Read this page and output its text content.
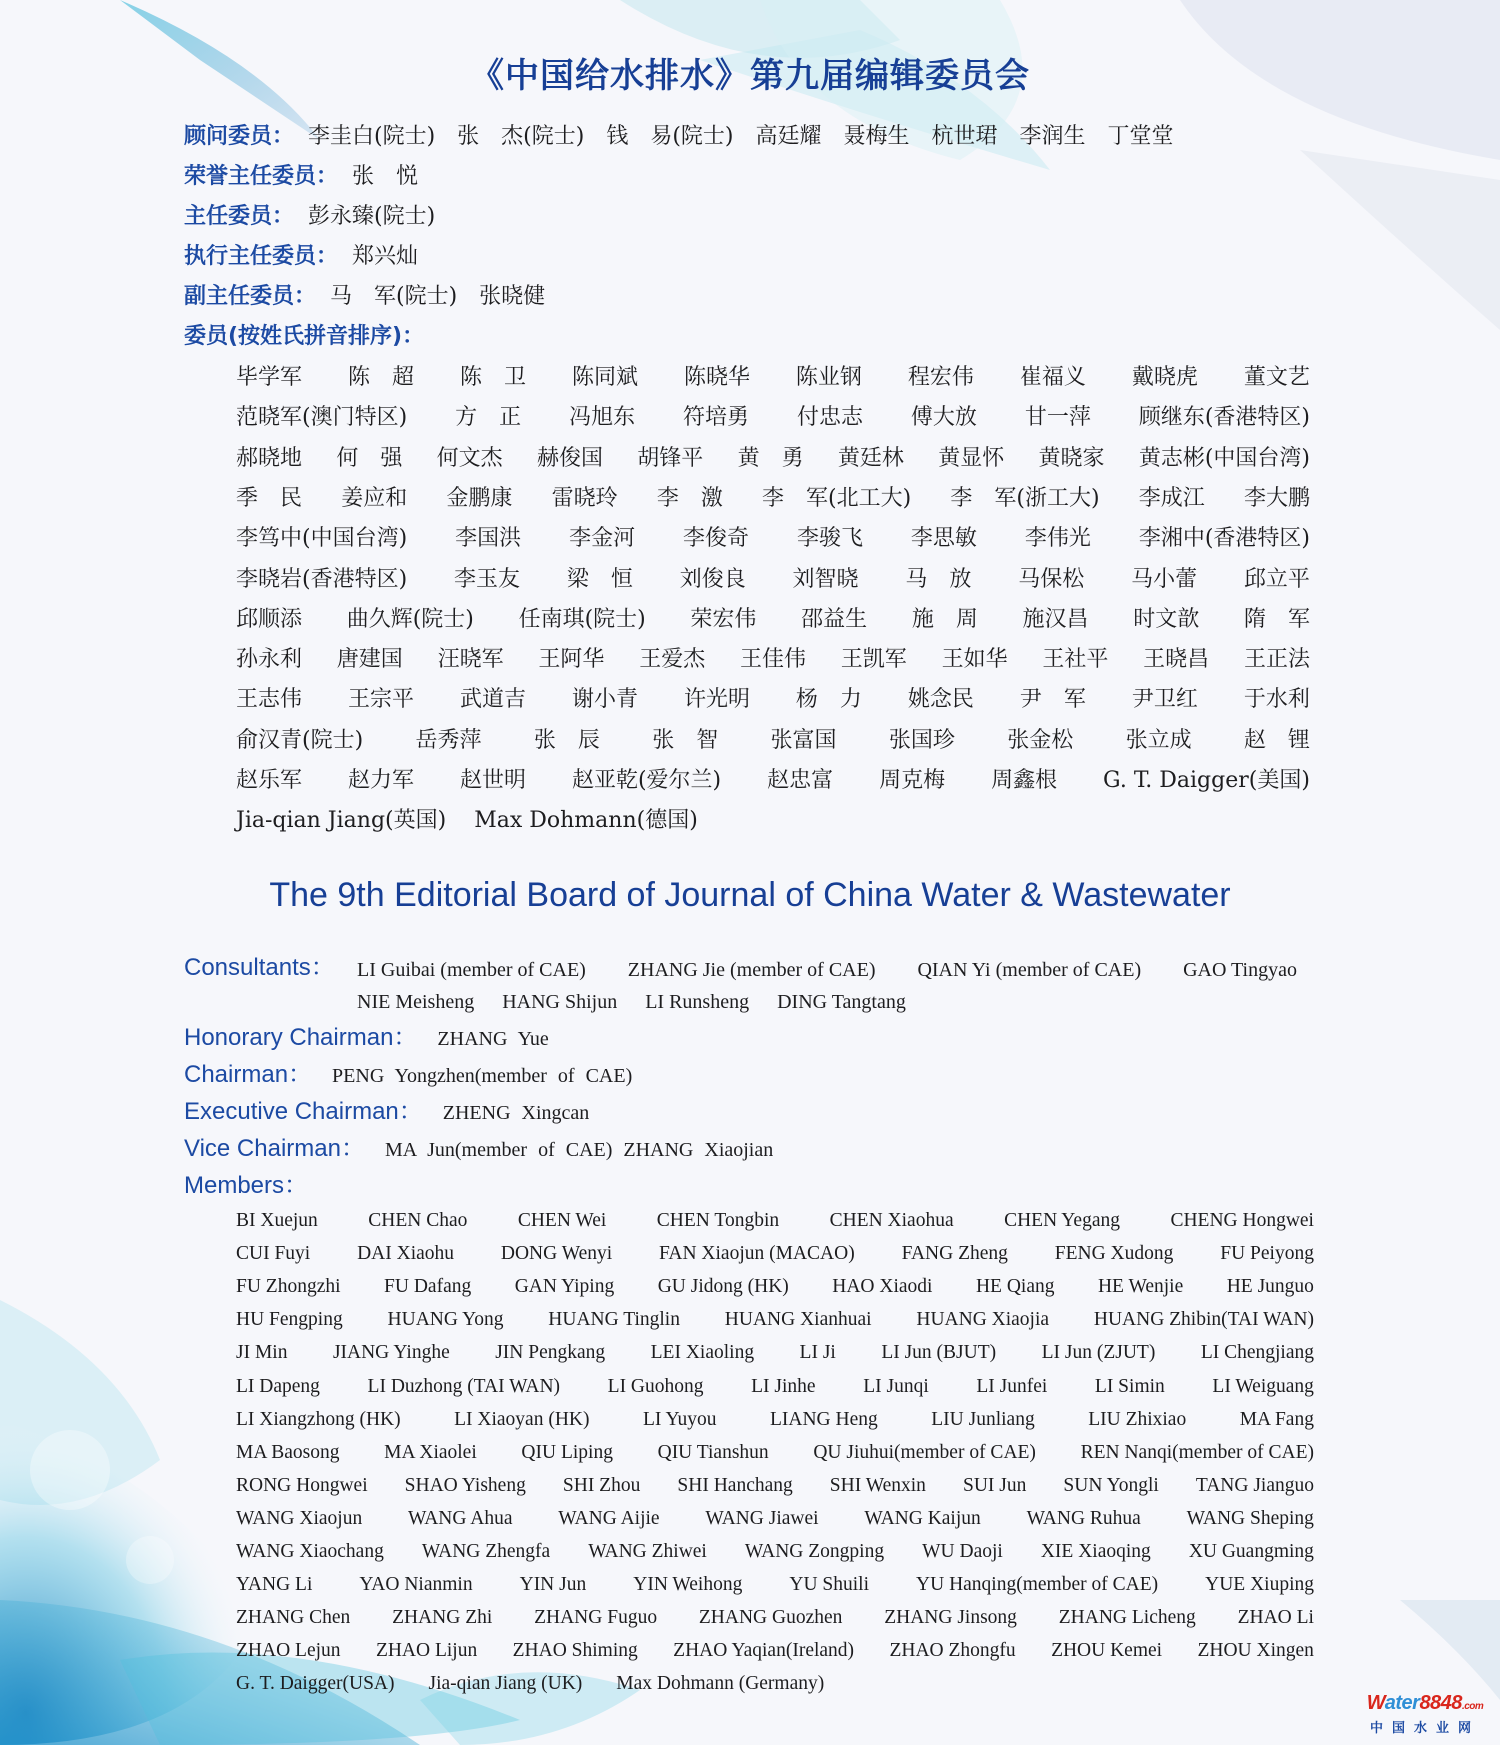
《中国给水排水》第九届编辑委员会
顾问委员： 李圭白(院士)　张　杰(院士)　钱　易(院士)　高廷耀　聂梅生　杭世珺　李润生　丁堂堂
荣誉主任委员： 张　悦
主任委员： 彭永臻(院士)
执行主任委员： 郑兴灿
副主任委员： 马　军(院士)　张晓健
委员(按姓氏拼音排序)：
毕学军 陈　超 陈　卫 陈同斌 陈晓华 陈业钢 程宏伟 崔福义 戴晓虎 董文艺
范晓军(澳门特区) 方　正 冯旭东 符培勇 付忠志 傅大放 甘一萍 顾继东(香港特区)
郝晓地 何　强 何文杰 赫俊国 胡锋平 黄　勇 黄廷林 黄显怀 黄晓家 黄志彬(中国台湾)
季　民 姜应和 金鹏康 雷晓玲 李　激 李　军(北工大) 李　军(浙工大) 李成江 李大鹏
李笃中(中国台湾) 李国洪 李金河 李俊奇 李骏飞 李思敏 李伟光 李湘中(香港特区)
李晓岩(香港特区) 李玉友 梁　恒 刘俊良 刘智晓 马　放 马保松 马小蕾 邱立平
邱顺添 曲久辉(院士) 任南琪(院士) 荣宏伟 邵益生 施　周 施汉昌 时文歆 隋　军
孙永利 唐建国 汪晓军 王阿华 王爱杰 王佳伟 王凯军 王如华 王社平 王晓昌 王正法
王志伟 王宗平 武道吉 谢小青 许光明 杨　力 姚念民 尹　军 尹卫红 于水利
俞汉青(院士) 岳秀萍 张　辰 张　智 张富国 张国珍 张金松 张立成 赵　锂
赵乐军 赵力军 赵世明 赵亚乾(爱尔兰) 赵忠富 周克梅 周鑫根 G. T. Daigger(美国)
Jia-qian Jiang(英国) Max Dohmann(德国)
The 9th Editorial Board of Journal of China Water & Wastewater
Consultants：	LI Guibai (member of CAE) ZHANG Jie (member of CAE) QIAN Yi (member of CAE) GAO Tingyao
NIE Meisheng HANG Shijun LI Runsheng DING Tangtang
Honorary Chairman： ZHANG Yue
Chairman： PENG Yongzhen(member of CAE)
Executive Chairman： ZHENG Xingcan
Vice Chairman： MA Jun(member of CAE) ZHANG Xiaojian
Members：
BI Xuejun	CHEN Chao	CHEN Wei	CHEN Tongbin	CHEN Xiaohua	CHEN Yegang	CHENG Hongwei
CUI Fuyi DAI Xiaohu DONG Wenyi FAN Xiaojun (MACAO) FANG Zheng FENG Xudong FU Peiyong
FU Zhongzhi FU Dafang GAN Yiping GU Jidong (HK) HAO Xiaodi HE Qiang HE Wenjie HE Junguo
HU Fengping HUANG Yong HUANG Tinglin HUANG Xianhuai HUANG Xiaojia HUANG Zhibin(TAI WAN)
JI Min JIANG Yinghe JIN Pengkang LEI Xiaoling LI Ji LI Jun (BJUT) LI Jun (ZJUT) LI Chengjiang
LI Dapeng LI Duzhong (TAI WAN) LI Guohong LI Jinhe LI Junqi LI Junfei LI Simin LI Weiguang
LI Xiangzhong (HK)	LI Xiaoyan (HK)	LI Yuyou	LIANG Heng	LIU Junliang	LIU Zhixiao	MA Fang
MA Baosong MA Xiaolei QIU Liping QIU Tianshun QU Jiuhui(member of CAE) REN Nanqi(member of CAE)
RONG Hongwei SHAO Yisheng SHI Zhou SHI Hanchang SHI Wenxin SUI Jun SUN Yongli TANG Jianguo
WANG Xiaojun WANG Ahua WANG Aijie WANG Jiawei WANG Kaijun WANG Ruhua WANG Sheping
WANG Xiaochang WANG Zhengfa WANG Zhiwei WANG Zongping WU Daoji XIE Xiaoqing XU Guangming
YANG Li YAO Nianmin YIN Jun YIN Weihong YU Shuili YU Hanqing(member of CAE) YUE Xiuping
ZHANG Chen ZHANG Zhi ZHANG Fuguo ZHANG Guozhen ZHANG Jinsong ZHANG Licheng ZHAO Li
ZHAO Lejun ZHAO Lijun ZHAO Shiming ZHAO Yaqian(Ireland) ZHAO Zhongfu ZHOU Kemei ZHOU Xingen
G. T. Daigger(USA) Jia-qian Jiang (UK) Max Dohmann (Germany)
Water8848.com
中国水业网
